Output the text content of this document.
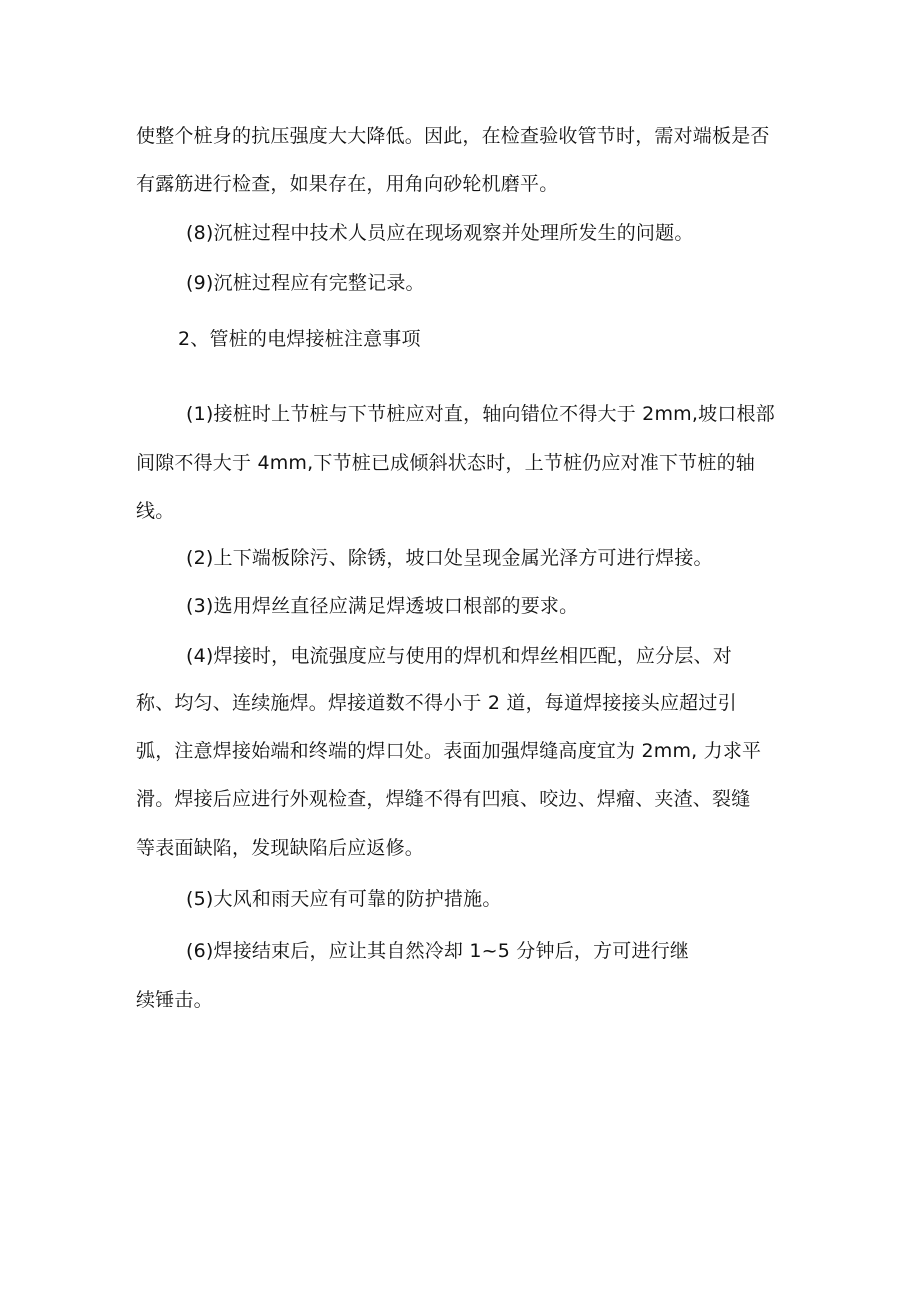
使整个桩身的抗压强度大大降低。因此，在检查验收管节时，需对端板是否
有露筋进行检查，如果存在，用角向砂轮机磨平。
(8)沉桩过程中技术人员应在现场观察并处理所发生的问题。
(9)沉桩过程应有完整记录。
2、管桩的电焊接桩注意事项
(1)接桩时上节桩与下节桩应对直，轴向错位不得大于 2mm,坡口根部
间隙不得大于 4mm,下节桩已成倾斜状态时，上节桩仍应对准下节桩的轴
线。
(2)上下端板除污、除锈，坡口处呈现金属光泽方可进行焊接。
(3)选用焊丝直径应满足焊透坡口根部的要求。
(4)焊接时，电流强度应与使用的焊机和焊丝相匹配，应分层、对
称、均匀、连续施焊。焊接道数不得小于 2 道，每道焊接接头应超过引
弧，注意焊接始端和终端的焊口处。表面加强焊缝高度宜为 2mm, 力求平
滑。焊接后应进行外观检查，焊缝不得有凹痕、咬边、焊瘤、夹渣、裂缝
等表面缺陷，发现缺陷后应返修。
(5)大风和雨天应有可靠的防护措施。
(6)焊接结束后，应让其自然冷却 1~5 分钟后，方可进行继
续锤击。
